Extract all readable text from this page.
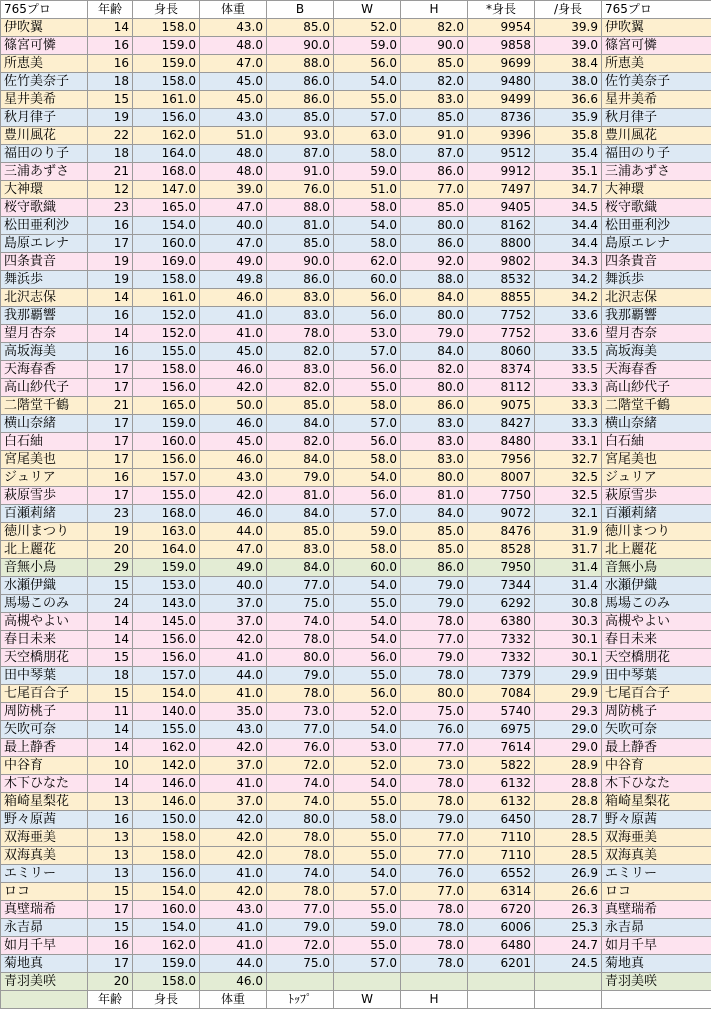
765プロ	年齢	身長	体重	B	W	H	*身長	/身長	765プロ
伊吹翼	14	158.0	43.0	85.0	52.0	82.0	9954	39.9	伊吹翼
篠宮可憐	16	159.0	48.0	90.0	59.0	90.0	9858	39.0	篠宮可憐
所恵美	16	159.0	47.0	88.0	56.0	85.0	9699	38.4	所恵美
佐竹美奈子	18	158.0	45.0	86.0	54.0	82.0	9480	38.0	佐竹美奈子
星井美希	15	161.0	45.0	86.0	55.0	83.0	9499	36.6	星井美希
秋月律子	19	156.0	43.0	85.0	57.0	85.0	8736	35.9	秋月律子
豊川風花	22	162.0	51.0	93.0	63.0	91.0	9396	35.8	豊川風花
福田のり子	18	164.0	48.0	87.0	58.0	87.0	9512	35.4	福田のり子
三浦あずさ	21	168.0	48.0	91.0	59.0	86.0	9912	35.1	三浦あずさ
大神環	12	147.0	39.0	76.0	51.0	77.0	7497	34.7	大神環
桜守歌織	23	165.0	47.0	88.0	58.0	85.0	9405	34.5	桜守歌織
松田亜利沙	16	154.0	40.0	81.0	54.0	80.0	8162	34.4	松田亜利沙
島原エレナ	17	160.0	47.0	85.0	58.0	86.0	8800	34.4	島原エレナ
四条貴音	19	169.0	49.0	90.0	62.0	92.0	9802	34.3	四条貴音
舞浜歩	19	158.0	49.8	86.0	60.0	88.0	8532	34.2	舞浜歩
北沢志保	14	161.0	46.0	83.0	56.0	84.0	8855	34.2	北沢志保
我那覇響	16	152.0	41.0	83.0	56.0	80.0	7752	33.6	我那覇響
望月杏奈	14	152.0	41.0	78.0	53.0	79.0	7752	33.6	望月杏奈
高坂海美	16	155.0	45.0	82.0	57.0	84.0	8060	33.5	高坂海美
天海春香	17	158.0	46.0	83.0	56.0	82.0	8374	33.5	天海春香
高山紗代子	17	156.0	42.0	82.0	55.0	80.0	8112	33.3	高山紗代子
二階堂千鶴	21	165.0	50.0	85.0	58.0	86.0	9075	33.3	二階堂千鶴
横山奈緒	17	159.0	46.0	84.0	57.0	83.0	8427	33.3	横山奈緒
白石紬	17	160.0	45.0	82.0	56.0	83.0	8480	33.1	白石紬
宮尾美也	17	156.0	46.0	84.0	58.0	83.0	7956	32.7	宮尾美也
ジュリア	16	157.0	43.0	79.0	54.0	80.0	8007	32.5	ジュリア
萩原雪歩	17	155.0	42.0	81.0	56.0	81.0	7750	32.5	萩原雪歩
百瀬莉緒	23	168.0	46.0	84.0	57.0	84.0	9072	32.1	百瀬莉緒
徳川まつり	19	163.0	44.0	85.0	59.0	85.0	8476	31.9	徳川まつり
北上麗花	20	164.0	47.0	83.0	58.0	85.0	8528	31.7	北上麗花
音無小鳥	29	159.0	49.0	84.0	60.0	86.0	7950	31.4	音無小鳥
水瀬伊織	15	153.0	40.0	77.0	54.0	79.0	7344	31.4	水瀬伊織
馬場このみ	24	143.0	37.0	75.0	55.0	79.0	6292	30.8	馬場このみ
高槻やよい	14	145.0	37.0	74.0	54.0	78.0	6380	30.3	高槻やよい
春日未来	14	156.0	42.0	78.0	54.0	77.0	7332	30.1	春日未来
天空橋朋花	15	156.0	41.0	80.0	56.0	79.0	7332	30.1	天空橋朋花
田中琴葉	18	157.0	44.0	79.0	55.0	78.0	7379	29.9	田中琴葉
七尾百合子	15	154.0	41.0	78.0	56.0	80.0	7084	29.9	七尾百合子
周防桃子	11	140.0	35.0	73.0	52.0	75.0	5740	29.3	周防桃子
矢吹可奈	14	155.0	43.0	77.0	54.0	76.0	6975	29.0	矢吹可奈
最上静香	14	162.0	42.0	76.0	53.0	77.0	7614	29.0	最上静香
中谷育	10	142.0	37.0	72.0	52.0	73.0	5822	28.9	中谷育
木下ひなた	14	146.0	41.0	74.0	54.0	78.0	6132	28.8	木下ひなた
箱崎星梨花	13	146.0	37.0	74.0	55.0	78.0	6132	28.8	箱崎星梨花
野々原茜	16	150.0	42.0	80.0	58.0	79.0	6450	28.7	野々原茜
双海亜美	13	158.0	42.0	78.0	55.0	77.0	7110	28.5	双海亜美
双海真美	13	158.0	42.0	78.0	55.0	77.0	7110	28.5	双海真美
エミリー	13	156.0	41.0	74.0	54.0	76.0	6552	26.9	エミリー
ロコ	15	154.0	42.0	78.0	57.0	77.0	6314	26.6	ロコ
真壁瑞希	17	160.0	43.0	77.0	55.0	78.0	6720	26.3	真壁瑞希
永吉昴	15	154.0	41.0	79.0	59.0	78.0	6006	25.3	永吉昴
如月千早	16	162.0	41.0	72.0	55.0	78.0	6480	24.7	如月千早
菊地真	17	159.0	44.0	75.0	57.0	78.0	6201	24.5	菊地真
青羽美咲	20	158.0	46.0						青羽美咲
	年齢	身長	体重	ﾄｯﾌﾟ	W	H			
